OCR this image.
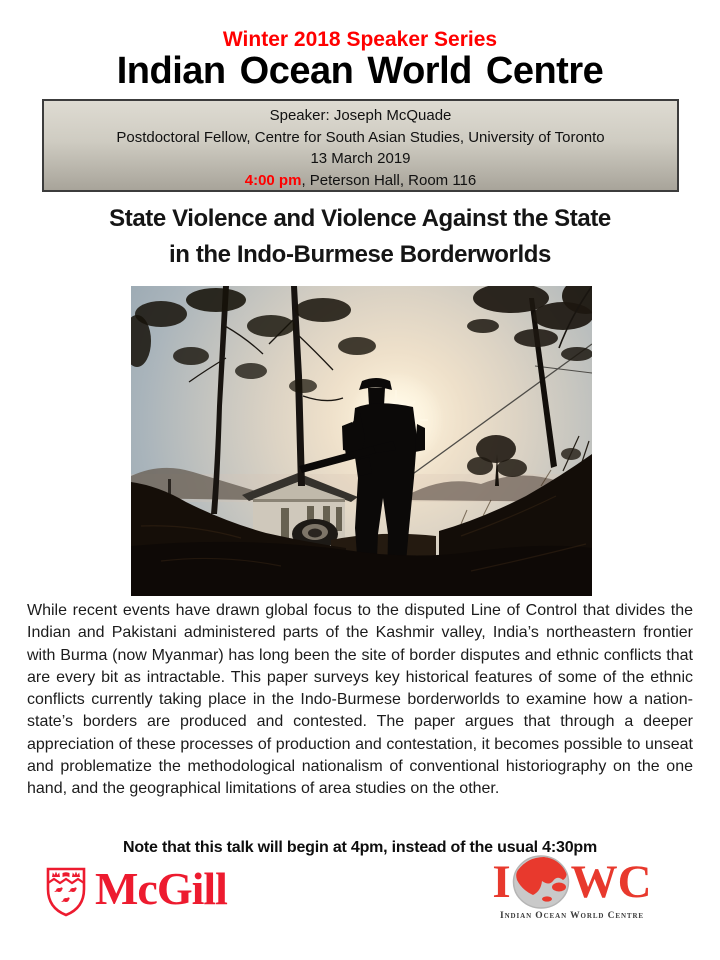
Winter 2018 Speaker Series
Indian Ocean World Centre
Speaker: Joseph McQuade
Postdoctoral Fellow, Centre for South Asian Studies, University of Toronto
13 March 2019
4:00 pm, Peterson Hall, Room 116
State Violence and Violence Against the State
in the Indo-Burmese Borderworlds

While recent events have drawn global focus to the disputed Line of Control that divides the Indian and Pakistani administered parts of the Kashmir valley, India’s northeastern frontier with Burma (now Myanmar) has long been the site of border disputes and ethnic conflicts that are every bit as intractable. This paper surveys key historical features of some of the ethnic conflicts currently taking place in the Indo-Burmese borderworlds to examine how a nation-state’s borders are produced and contested. The paper argues that through a deeper appreciation of these processes of production and contestation, it becomes possible to unseat and problematize the methodological nationalism of conventional historiography on the one hand, and the geographical limitations of area studies on the other.

Note that this talk will begin at 4pm, instead of the usual 4:30pm
McGill	I WC
Indian Ocean World Centre
